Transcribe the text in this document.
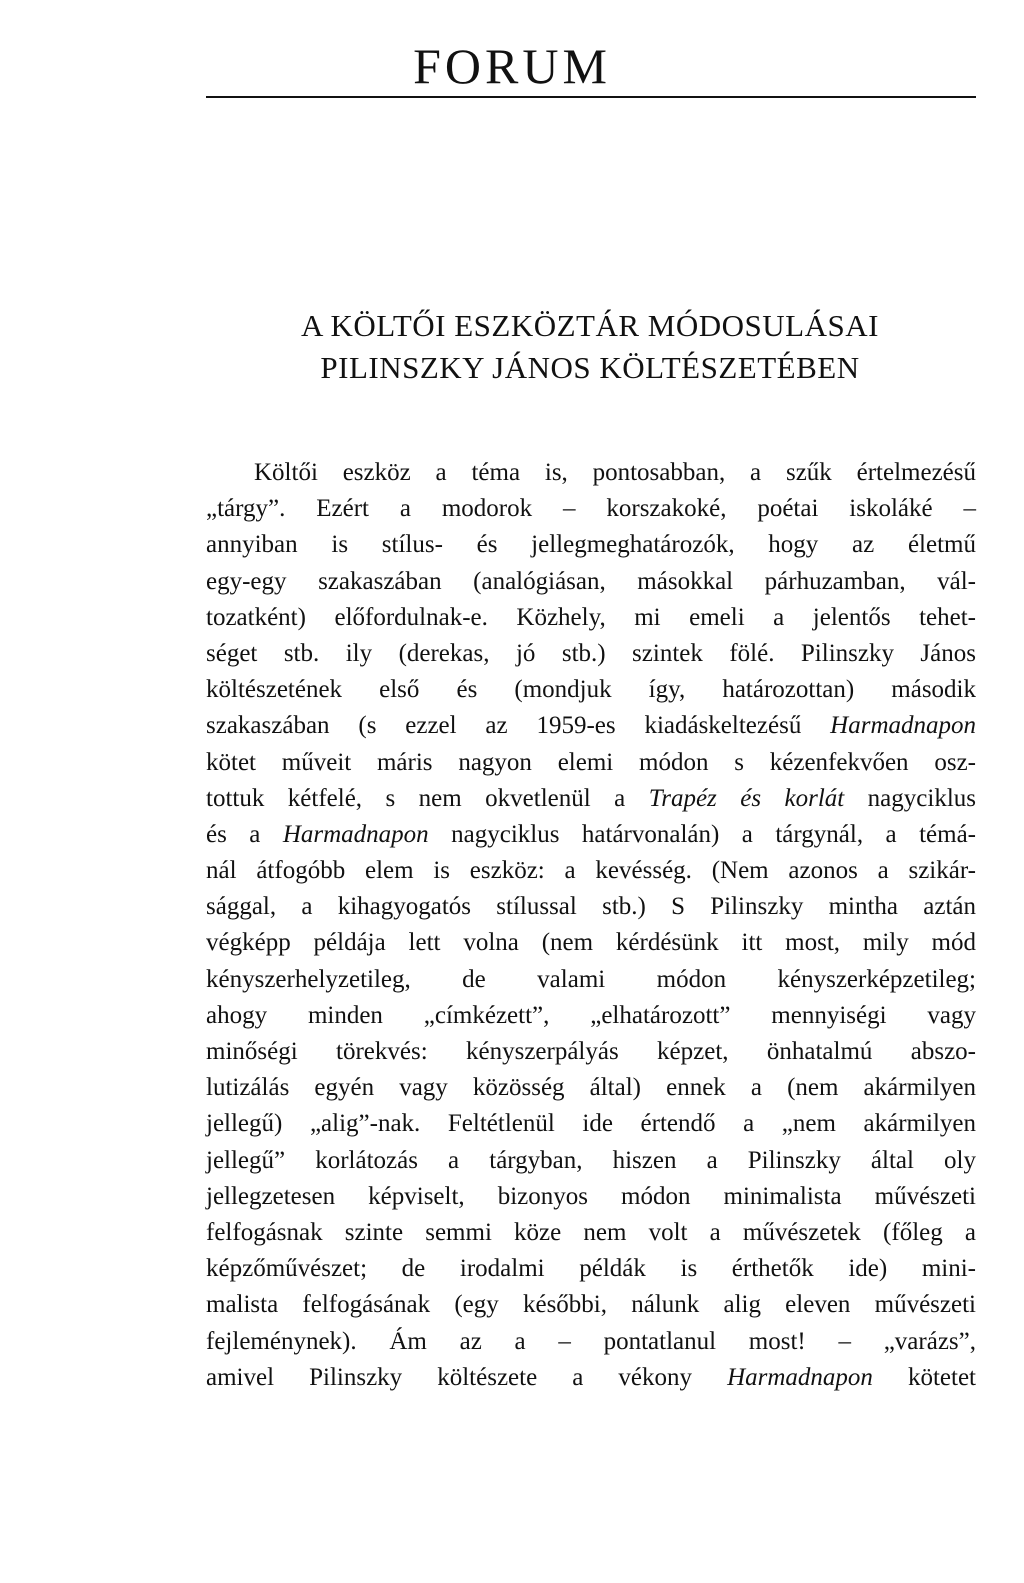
FORUM
A KÖLTŐI ESZKÖZTÁR MÓDOSULÁSAI
PILINSZKY JÁNOS KÖLTÉSZETÉBEN
Költői eszköz a téma is, pontosabban, a szűk értelmezésű
„tárgy”. Ezért a modorok – korszakoké, poétai iskoláké –
annyiban is stílus- és jellegmeghatározók, hogy az életmű
egy-egy szakaszában (analógiásan, másokkal párhuzamban, vál-
tozatként) előfordulnak-e. Közhely, mi emeli a jelentős tehet-
séget stb. ily (derekas, jó stb.) szintek fölé. Pilinszky János
költészetének első és (mondjuk így, határozottan) második
szakaszában (s ezzel az 1959-es kiadáskeltezésű Harmadnapon
kötet műveit máris nagyon elemi módon s kézenfekvően osz-
tottuk kétfelé, s nem okvetlenül a Trapéz és korlát nagyciklus
és a Harmadnapon nagyciklus határvonalán) a tárgynál, a témá-
nál átfogóbb elem is eszköz: a kevésség. (Nem azonos a szikár-
sággal, a kihagyogatós stílussal stb.) S Pilinszky mintha aztán
végképp példája lett volna (nem kérdésünk itt most, mily mód
kényszerhelyzetileg, de valami módon kényszerképzetileg;
ahogy minden „címkézett”, „elhatározott” mennyiségi vagy
minőségi törekvés: kényszerpályás képzet, önhatalmú abszo-
lutizálás egyén vagy közösség által) ennek a (nem akármilyen
jellegű) „alig”-nak. Feltétlenül ide értendő a „nem akármilyen
jellegű” korlátozás a tárgyban, hiszen a Pilinszky által oly
jellegzetesen képviselt, bizonyos módon minimalista művészeti
felfogásnak szinte semmi köze nem volt a művészetek (főleg a
képzőművészet; de irodalmi példák is érthetők ide) mini-
malista felfogásának (egy későbbi, nálunk alig eleven művészeti
fejleménynek). Ám az a – pontatlanul most! – „varázs”,
amivel Pilinszky költészete a vékony Harmadnapon kötetet
